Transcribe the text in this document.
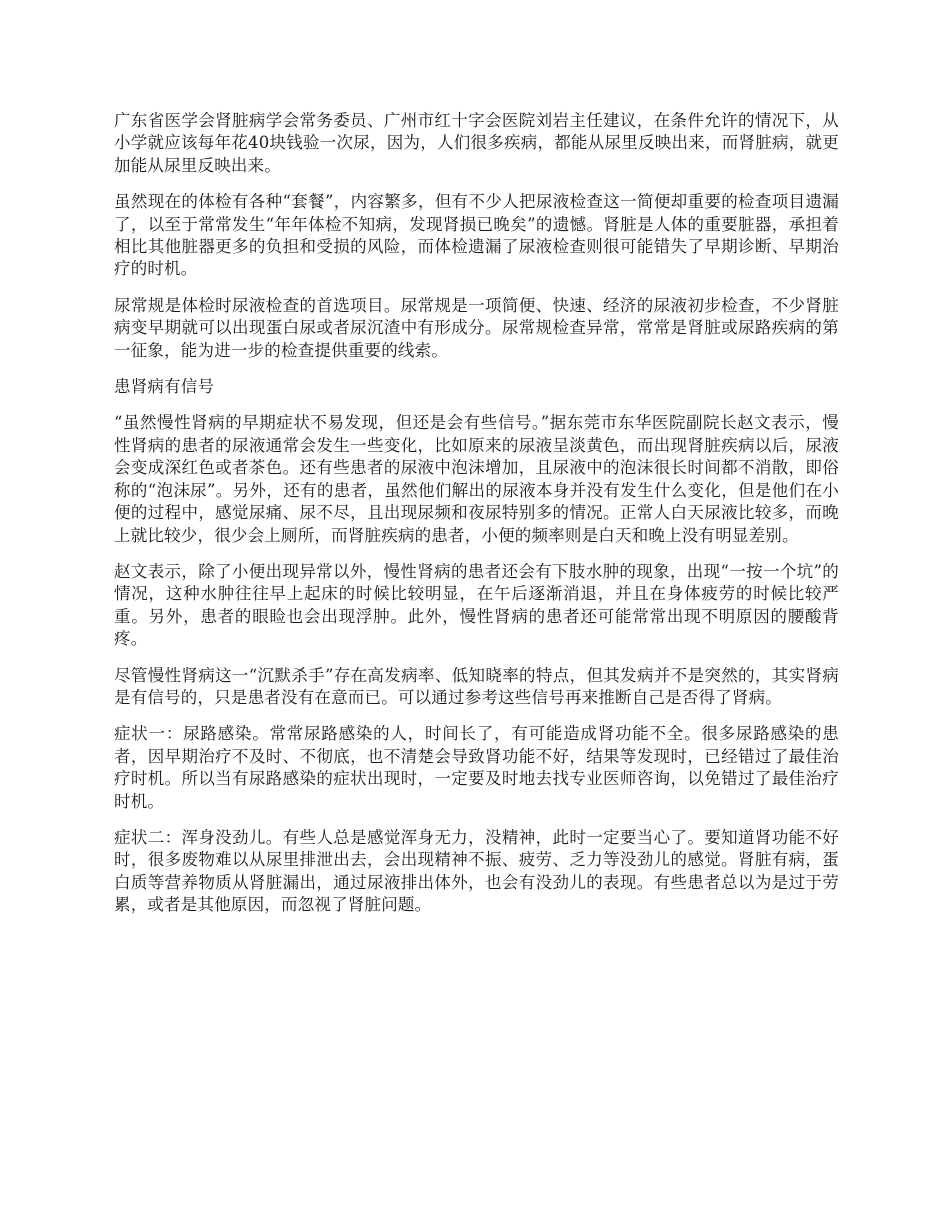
广东省医学会肾脏病学会常务委员、广州市红十字会医院刘岩主任建议，在条件允许的情况下，从小学就应该每年花40块钱验一次尿，因为，人们很多疾病，都能从尿里反映出来，而肾脏病，就更加能从尿里反映出来。

虽然现在的体检有各种“套餐”，内容繁多，但有不少人把尿液检查这一简便却重要的检查项目遗漏了，以至于常常发生“年年体检不知病，发现肾损已晚矣”的遗憾。肾脏是人体的重要脏器，承担着相比其他脏器更多的负担和受损的风险，而体检遗漏了尿液检查则很可能错失了早期诊断、早期治疗的时机。

尿常规是体检时尿液检查的首选项目。尿常规是一项简便、快速、经济的尿液初步检查，不少肾脏病变早期就可以出现蛋白尿或者尿沉渣中有形成分。尿常规检查异常，常常是肾脏或尿路疾病的第一征象，能为进一步的检查提供重要的线索。

患肾病有信号

“虽然慢性肾病的早期症状不易发现，但还是会有些信号。”据东莞市东华医院副院长赵文表示，慢性肾病的患者的尿液通常会发生一些变化，比如原来的尿液呈淡黄色，而出现肾脏疾病以后，尿液会变成深红色或者茶色。还有些患者的尿液中泡沫增加，且尿液中的泡沫很长时间都不消散，即俗称的“泡沫尿”。另外，还有的患者，虽然他们解出的尿液本身并没有发生什么变化，但是他们在小便的过程中，感觉尿痛、尿不尽，且出现尿频和夜尿特别多的情况。正常人白天尿液比较多，而晚上就比较少，很少会上厕所，而肾脏疾病的患者，小便的频率则是白天和晚上没有明显差别。

赵文表示，除了小便出现异常以外，慢性肾病的患者还会有下肢水肿的现象，出现“一按一个坑”的情况，这种水肿往往早上起床的时候比较明显，在午后逐渐消退，并且在身体疲劳的时候比较严重。另外，患者的眼睑也会出现浮肿。此外，慢性肾病的患者还可能常常出现不明原因的腰酸背疼。

尽管慢性肾病这一“沉默杀手”存在高发病率、低知晓率的特点，但其发病并不是突然的，其实肾病是有信号的，只是患者没有在意而已。可以通过参考这些信号再来推断自己是否得了肾病。

症状一：尿路感染。常常尿路感染的人，时间长了，有可能造成肾功能不全。很多尿路感染的患者，因早期治疗不及时、不彻底，也不清楚会导致肾功能不好，结果等发现时，已经错过了最佳治疗时机。所以当有尿路感染的症状出现时，一定要及时地去找专业医师咨询，以免错过了最佳治疗时机。

症状二：浑身没劲儿。有些人总是感觉浑身无力，没精神，此时一定要当心了。要知道肾功能不好时，很多废物难以从尿里排泄出去，会出现精神不振、疲劳、乏力等没劲儿的感觉。肾脏有病，蛋白质等营养物质从肾脏漏出，通过尿液排出体外，也会有没劲儿的表现。有些患者总以为是过于劳累，或者是其他原因，而忽视了肾脏问题。
